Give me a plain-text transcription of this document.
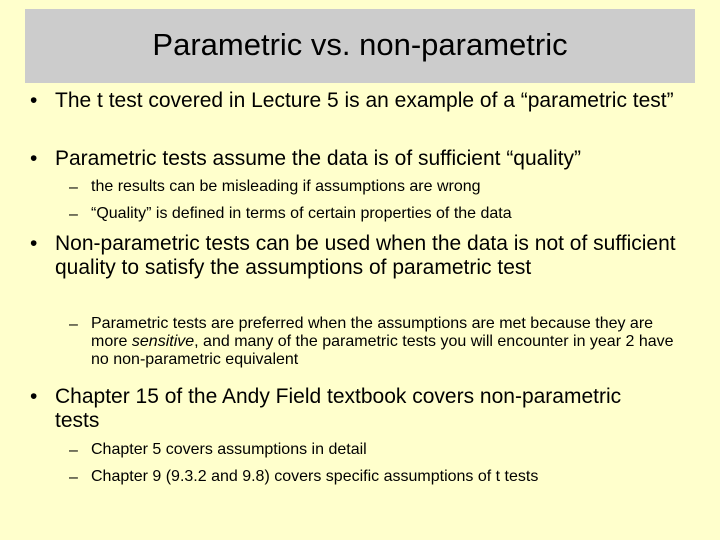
Parametric vs. non-parametric
• The t test covered in Lecture 5 is an example of a “parametric test”
• Parametric tests assume the data is of sufficient “quality”
– the results can be misleading if assumptions are wrong
– “Quality” is defined in terms of certain properties of the data
• Non-parametric tests can be used when the data is not of sufficient quality to satisfy the assumptions of parametric test
– Parametric tests are preferred when the assumptions are met because they are more sensitive, and many of the parametric tests you will encounter in year 2 have no non-parametric equivalent
• Chapter 15 of the Andy Field textbook covers non-parametric tests
– Chapter 5 covers assumptions in detail
– Chapter 9 (9.3.2 and 9.8) covers specific assumptions of t tests
